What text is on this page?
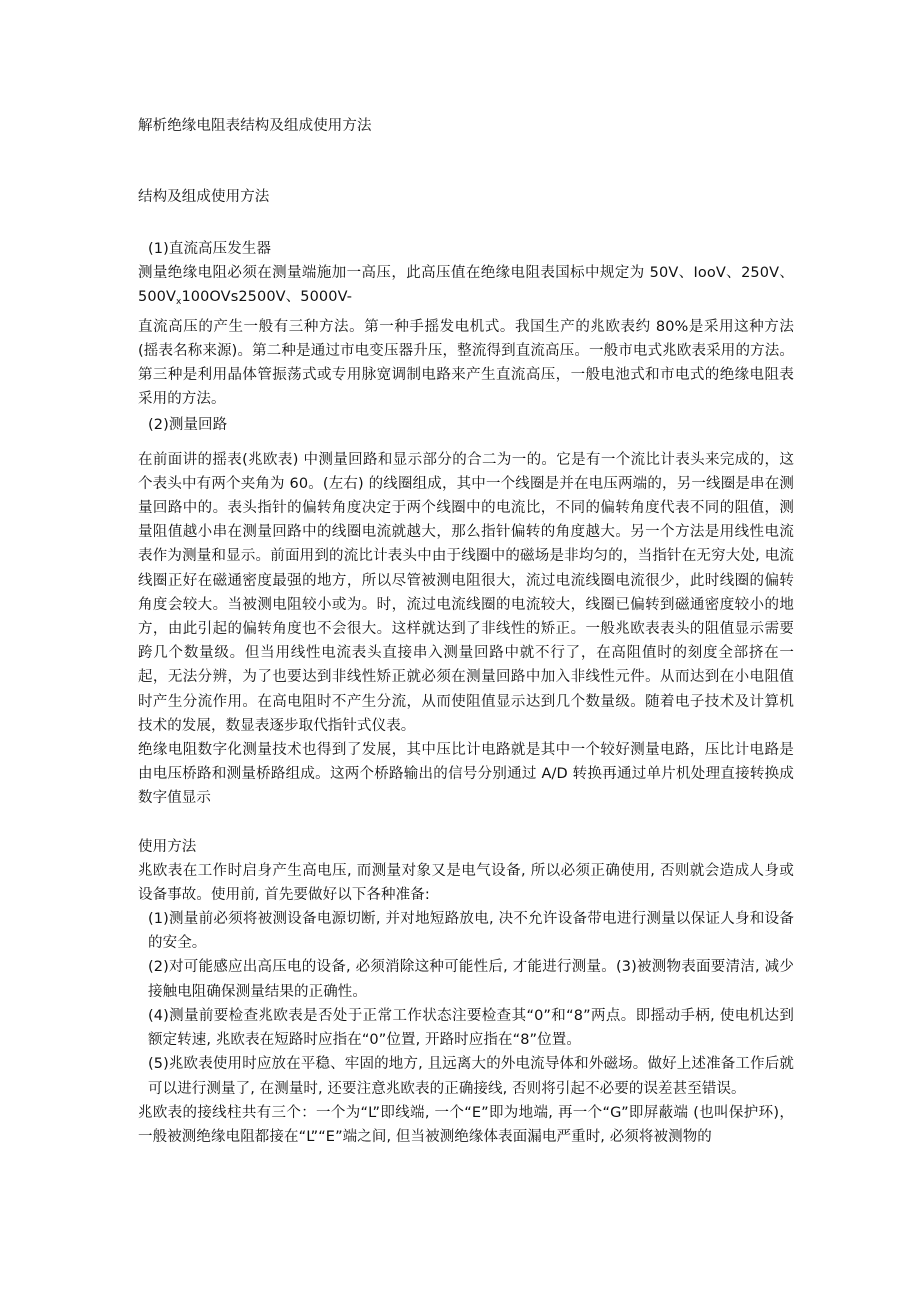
解析绝缘电阻表结构及组成使用方法
结构及组成使用方法

(1)直流高压发生器

测量绝缘电阻必须在测量端施加一高压，此高压值在绝缘电阻表国标中规定为 50V、IooV、250V、$500V_x100OVs2500V$、5000V-

直流高压的产生一般有三种方法。第一种手摇发电机式。我国生产的兆欧表约 80%是采用这种方法(摇表名称来源)。第二种是通过市电变压器升压，整流得到直流高压。一般市电式兆欧表采用的方法。第三种是利用晶体管振荡式或专用脉宽调制电路来产生直流高压，一般电池式和市电式的绝缘电阻表采用的方法。

(2)测量回路

在前面讲的摇表(兆欧表) 中测量回路和显示部分的合二为一的。它是有一个流比计表头来完成的，这个表头中有两个夹角为 60。(左右) 的线圈组成，其中一个线圈是并在电压两端的，另一线圈是串在测量回路中的。表头指针的偏转角度决定于两个线圈中的电流比，不同的偏转角度代表不同的阻值，测量阻值越小串在测量回路中的线圈电流就越大，那么指针偏转的角度越大。另一个方法是用线性电流表作为测量和显示。前面用到的流比计表头中由于线圈中的磁场是非均匀的，当指针在无穷大处, 电流线圈正好在磁通密度最强的地方，所以尽管被测电阻很大，流过电流线圈电流很少，此时线圈的偏转角度会较大。当被测电阻较小或为。时，流过电流线圈的电流较大，线圈已偏转到磁通密度较小的地方，由此引起的偏转角度也不会很大。这样就达到了非线性的矫正。一般兆欧表表头的阻值显示需要跨几个数量级。但当用线性电流表头直接串入测量回路中就不行了，在高阻值时的刻度全部挤在一起，无法分辨，为了也要达到非线性矫正就必须在测量回路中加入非线性元件。从而达到在小电阻值时产生分流作用。在高电阻时不产生分流，从而使阻值显示达到几个数量级。随着电子技术及计算机技术的发展，数显表逐步取代指针式仪表。

绝缘电阻数字化测量技术也得到了发展，其中压比计电路就是其中一个较好测量电路，压比计电路是由电压桥路和测量桥路组成。这两个桥路输出的信号分别通过 A/D 转换再通过单片机处理直接转换成数字值显示

使用方法

兆欧表在工作时启身产生高电压, 而测量对象又是电气设备, 所以必须正确使用, 否则就会造成人身或设备事故。使用前, 首先要做好以下各种准备:

(1)测量前必须将被测设备电源切断, 并对地短路放电, 决不允许设备带电进行测量以保证人身和设备的安全。

(2)对可能感应出高压电的设备, 必须消除这种可能性后, 才能进行测量。(3)被测物表面要清洁, 减少接触电阻确保测量结果的正确性。

(4)测量前要检查兆欧表是否处于正常工作状态注要检查其“0”和“8”两点。即摇动手柄, 使电机达到额定转速, 兆欧表在短路时应指在“0”位置, 开路时应指在“8”位置。

(5)兆欧表使用时应放在平稳、牢固的地方, 且远离大的外电流导体和外磁场。做好上述准备工作后就可以进行测量了, 在测量时, 还要注意兆欧表的正确接线, 否则将引起不必要的误差甚至错误。

兆欧表的接线柱共有三个：一个为“L”即线端, 一个“E”即为地端, 再一个“G”即屏蔽端 (也叫保护环)，一般被测绝缘电阻都接在“L”“E”端之间, 但当被测绝缘体表面漏电严重时, 必须将被测物的
